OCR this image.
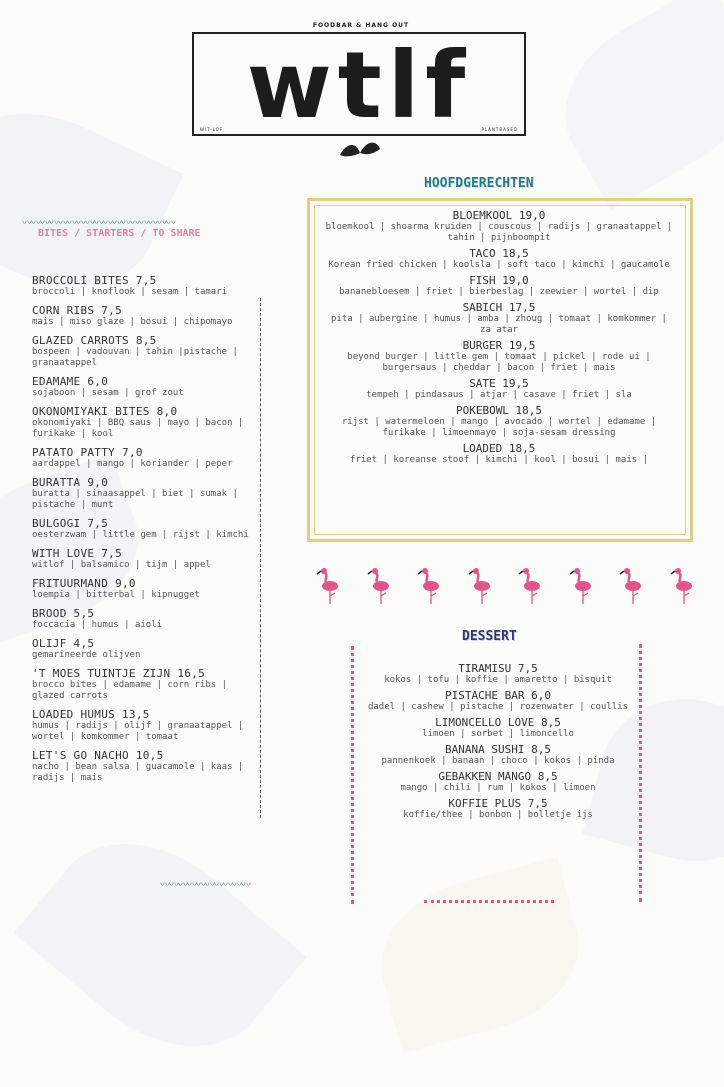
FOODBAR & HANG OUT
wtlf
WIT-LOF	PLANTBASED
〰〰〰〰〰〰〰〰〰〰〰〰〰〰〰〰〰
BITES / STARTERS / TO SHARE
BROCCOLI BITES 7,5
broccoli | knoflook | sesam | tamari
CORN RIBS 7,5
mais | miso glaze | bosui | chipomayo
GLAZED CARROTS 8,5
bospeen | vadouvan | tahin |pistache | granaatappel
EDAMAME 6,0
sojaboon | sesam | grof zout
OKONOMIYAKI BITES 8,0
okonomiyaki | BBQ saus | mayo | bacon | furikake | kool
PATATO PATTY 7,0
aardappel | mango | koriander | peper
BURATTA 9,0
buratta | sinaasappel | biet | sumak | pistache | munt
BULGOGI 7,5
oesterzwam | little gem | rijst | kimchi
WITH LOVE 7,5
witlof | balsamico | tijm | appel
FRITUURMAND 9,0
loempia | bitterbal | kipnugget
BROOD 5,5
foccacia | humus | aioli
OLIJF 4,5
gemarineerde olijven
'T MOES TUINTJE ZIJN 16,5
brocco bites | edamame | corn ribs | glazed carrots
LOADED HUMUS 13,5
humus | radijs | olijf | granaatappel | wortel | komkommer | tomaat
LET'S GO NACHO 10,5
nacho | bean salsa | guacamole | kaas | radijs | mais
〰〰〰〰〰〰〰〰〰〰
HOOFDGERECHTEN
BLOEMKOOL 19,0
bloemkool | shoarma kruiden | couscous | radijs | granaatappel | tahin | pijnboompit
TACO 18,5
Korean fried chicken | koolsla | soft taco | kimchi | gaucamole
FISH 19,0
bananebloesem | friet | bierbeslag | zeewier | wortel | dip
SABICH 17,5
pita | aubergine | humus | amba | zhoug | tomaat | komkommer | za atar
BURGER 19,5
beyond burger | little gem | tomaat | pickel | rode ui | burgersaus | cheddar | bacon | friet | mais
SATE 19,5
tempeh | pindasaus | atjar | casave | friet | sla
POKEBOWL 18,5
rijst | watermeloen | mango | avocado | wortel | edamame | furikake | limoenmayo | soja-sesam dressing
LOADED 18,5
friet | koreanse stoof | kimchi | kool | bosui | mais |
DESSERT
TIRAMISU 7,5
kokos | tofu | koffie | amaretto | bisquit
PISTACHE BAR 6,0
dadel | cashew | pistache | rozenwater | coullis
LIMONCELLO LOVE 8,5
limoen | sorbet | limoncello
BANANA SUSHI 8,5
pannenkoek | banaan | choco | kokos | pinda
GEBAKKEN MANGO 8,5
mango | chili | rum | kokos | limoen
KOFFIE PLUS 7,5
koffie/thee | bonbon | bolletje ijs
